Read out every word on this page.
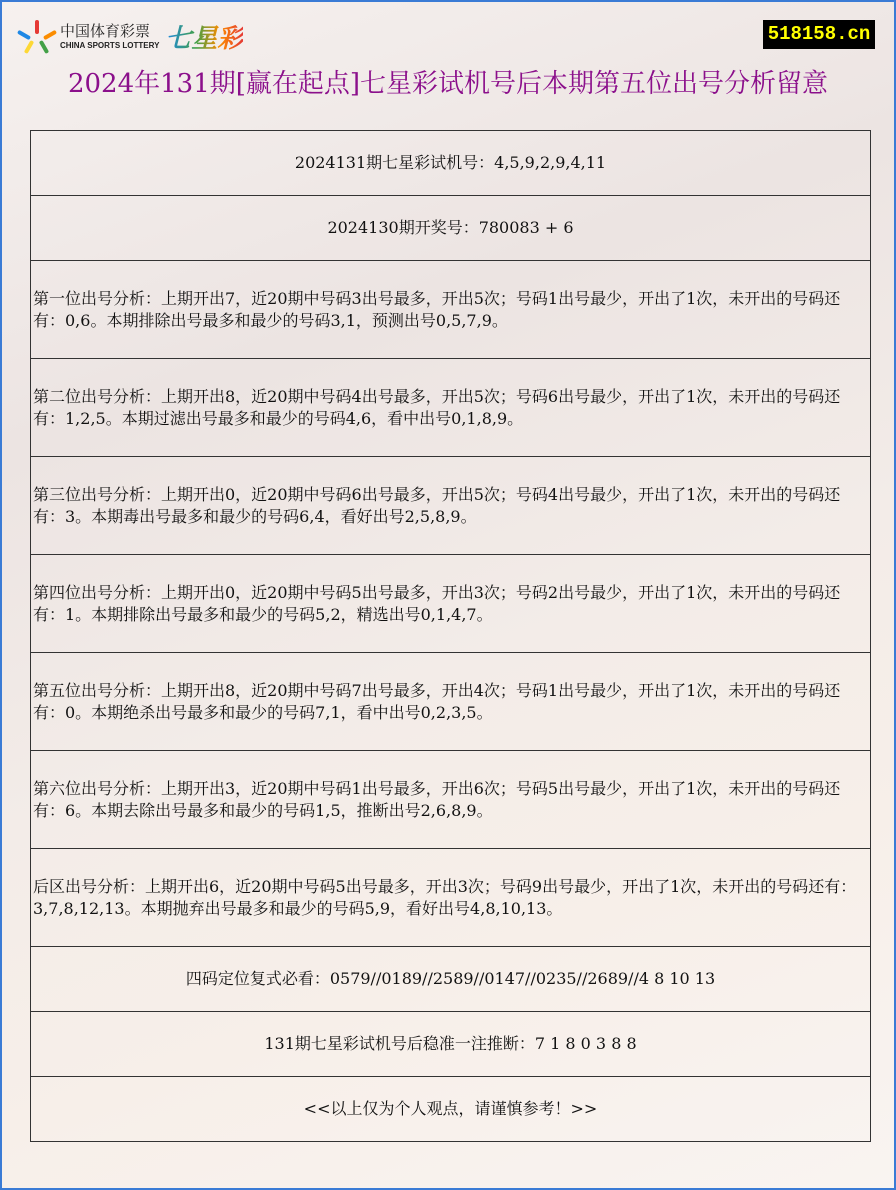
中国体育彩票
CHINA SPORTS LOTTERY 七星彩	518158.cn
2024年131期[赢在起点]七星彩试机号后本期第五位出号分析留意
2024131期七星彩试机号：4,5,9,2,9,4,11
2024130期开奖号：780083 + 6
第一位出号分析：上期开出7，近20期中号码3出号最多，开出5次；号码1出号最少，开出了1次，未开出的号码还有：0,6。本期排除出号最多和最少的号码3,1，预测出号0,5,7,9。
第二位出号分析：上期开出8，近20期中号码4出号最多，开出5次；号码6出号最少，开出了1次，未开出的号码还有：1,2,5。本期过滤出号最多和最少的号码4,6，看中出号0,1,8,9。
第三位出号分析：上期开出0，近20期中号码6出号最多，开出5次；号码4出号最少，开出了1次，未开出的号码还有：3。本期毒出号最多和最少的号码6,4，看好出号2,5,8,9。
第四位出号分析：上期开出0，近20期中号码5出号最多，开出3次；号码2出号最少，开出了1次，未开出的号码还有：1。本期排除出号最多和最少的号码5,2，精选出号0,1,4,7。
第五位出号分析：上期开出8，近20期中号码7出号最多，开出4次；号码1出号最少，开出了1次，未开出的号码还有：0。本期绝杀出号最多和最少的号码7,1，看中出号0,2,3,5。
第六位出号分析：上期开出3，近20期中号码1出号最多，开出6次；号码5出号最少，开出了1次，未开出的号码还有：6。本期去除出号最多和最少的号码1,5，推断出号2,6,8,9。
后区出号分析：上期开出6，近20期中号码5出号最多，开出3次；号码9出号最少，开出了1次，未开出的号码还有：3,7,8,12,13。本期抛弃出号最多和最少的号码5,9，看好出号4,8,10,13。
四码定位复式必看：0579//0189//2589//0147//0235//2689//4 8 10 13
131期七星彩试机号后稳准一注推断：7 1 8 0 3 8 8
<<以上仅为个人观点，请谨慎参考！>>
